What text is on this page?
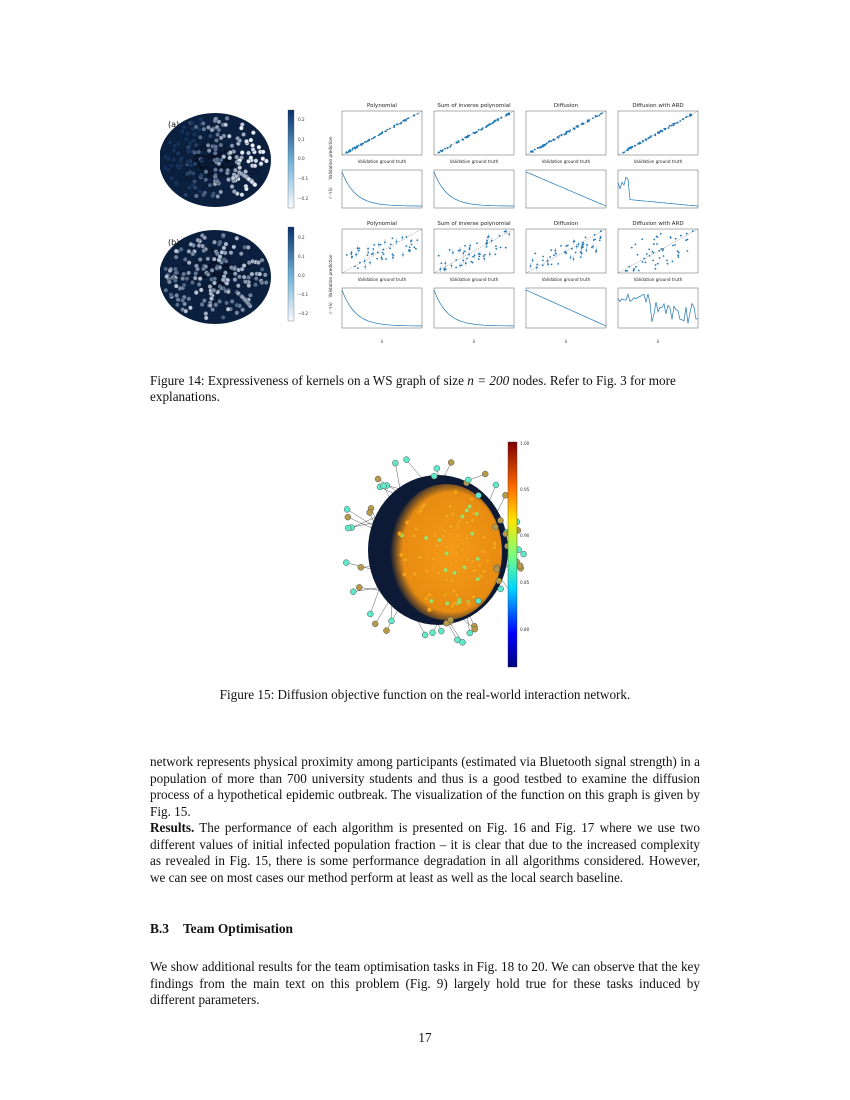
(a)
(b)
0.2
0.1
0.0
−0.1
−0.2
0.2
0.1
0.0
−0.1
−0.2
Polynomial	Sum of inverse polynomial	Diffusion	Diffusion with ARD
Polynomial	Sum of inverse polynomial	Diffusion	Diffusion with ARD
Validation prediction
Validation prediction
r⁻¹(λ)
r⁻¹(λ)
Validation ground truth	Validation ground truth	Validation ground truth	Validation ground truth
Validation ground truth	Validation ground truth	Validation ground truth	Validation ground truth
λ	λ	λ	λ
Figure 14: Expressiveness of kernels on a WS graph of size n = 200 nodes. Refer to Fig. 3 for more explanations.
1.00
0.95
0.90
0.85
0.80
Figure 15: Diffusion objective function on the real-world interaction network.
network represents physical proximity among participants (estimated via Bluetooth signal strength) in a population of more than 700 university students and thus is a good testbed to examine the diffusion process of a hypothetical epidemic outbreak. The visualization of the function on this graph is given by Fig. 15.
Results. The performance of each algorithm is presented on Fig. 16 and Fig. 17 where we use two different values of initial infected population fraction – it is clear that due to the increased complexity as revealed in Fig. 15, there is some performance degradation in all algorithms considered. However, we can see on most cases our method perform at least as well as the local search baseline.
B.3 Team Optimisation
We show additional results for the team optimisation tasks in Fig. 18 to 20. We can observe that the key findings from the main text on this problem (Fig. 9) largely hold true for these tasks induced by different parameters.
17
